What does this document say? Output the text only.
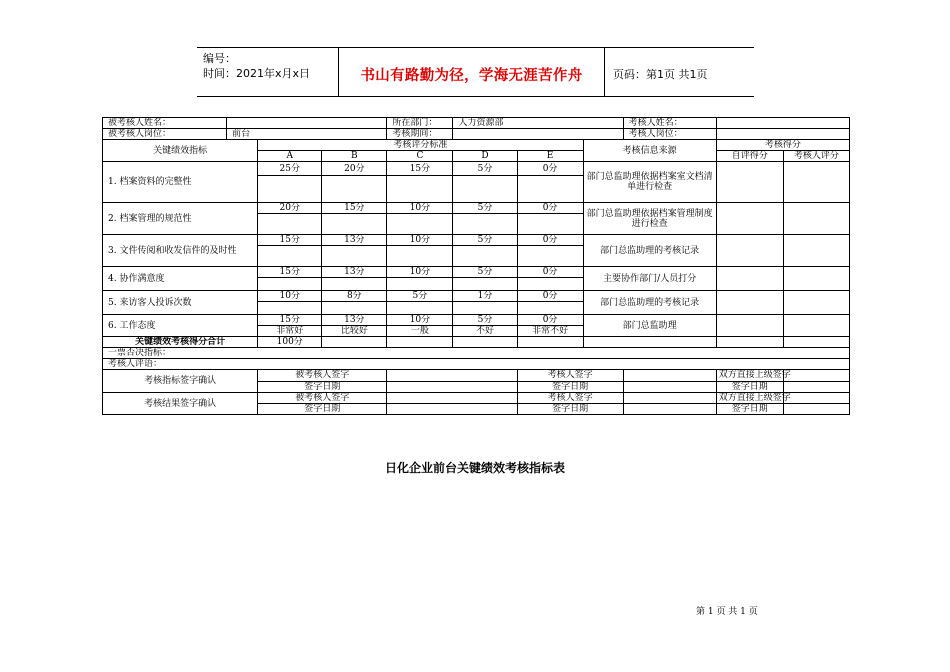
编号：
时间：2021年x月x日	书山有路勤为径，学海无涯苦作舟	页码：第1页 共1页
被考核人姓名：				所在部门：	人力资源部			考核人姓名：		
被考核人岗位：	前台			考核期间：				考核人岗位：		
关键绩效指标		考核评分标准					考核信息来源		考核得分	
		A	B	C	D	E			自评得分	考核人评分
1. 档案资料的完整性		25分	20分	15分	5分	0分	部门总监助理依据档案室文档清单进行检查			

2. 档案管理的规范性		20分	15分	10分	5分	0分	部门总监助理依据档案管理制度进行检查			

3. 文件传阅和收发信件的及时性		15分	13分	10分	5分	0分	部门总监助理的考核记录			

4. 协作满意度		15分	13分	10分	5分	0分	主要协作部门/人员打分			

5. 来访客人投诉次数		10分	8分	5分	1分	0分	部门总监助理的考核记录			

6. 工作态度		15分	13分	10分	5分	0分	部门总监助理			
		非常好	比较好	一般	不好	非常不好				
关键绩效考核得分合计		100分								
一票否决指标：										
考核人评语：										
考核指标签字确认		被考核人签字				考核人签字			双方直接上级签字	
		签字日期				签字日期			签字日期	
考核结果签字确认		被考核人签字				考核人签字			双方直接上级签字	
		签字日期				签字日期			签字日期	
日化企业前台关键绩效考核指标表
第 1 页 共 1 页
